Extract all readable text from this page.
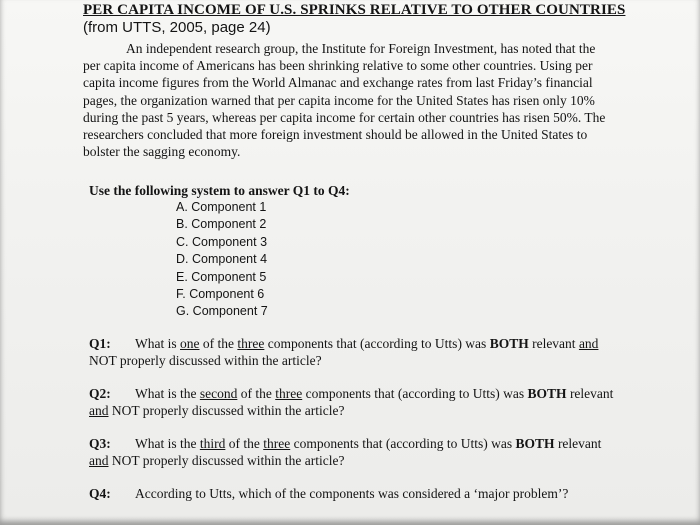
PER CAPITA INCOME OF U.S. SPRINKS RELATIVE TO OTHER COUNTRIES
(from UTTS, 2005, page 24)
An independent research group, the Institute for Foreign Investment, has noted that the
per capita income of Americans has been shrinking relative to some other countries. Using per
capita income figures from the World Almanac and exchange rates from last Friday’s financial
pages, the organization warned that per capita income for the United States has risen only 10%
during the past 5 years, whereas per capita income for certain other countries has risen 50%. The
researchers concluded that more foreign investment should be allowed in the United States to
bolster the sagging economy.
Use the following system to answer Q1 to Q4:
A. Component 1
B. Component 2
C. Component 3
D. Component 4
E. Component 5
F. Component 6
G. Component 7
Q1: What is one of the three components that (according to Utts) was BOTH relevant and
NOT properly discussed within the article?
Q2: What is the second of the three components that (according to Utts) was BOTH relevant
and NOT properly discussed within the article?
Q3: What is the third of the three components that (according to Utts) was BOTH relevant
and NOT properly discussed within the article?
Q4: According to Utts, which of the components was considered a ‘major problem’?
